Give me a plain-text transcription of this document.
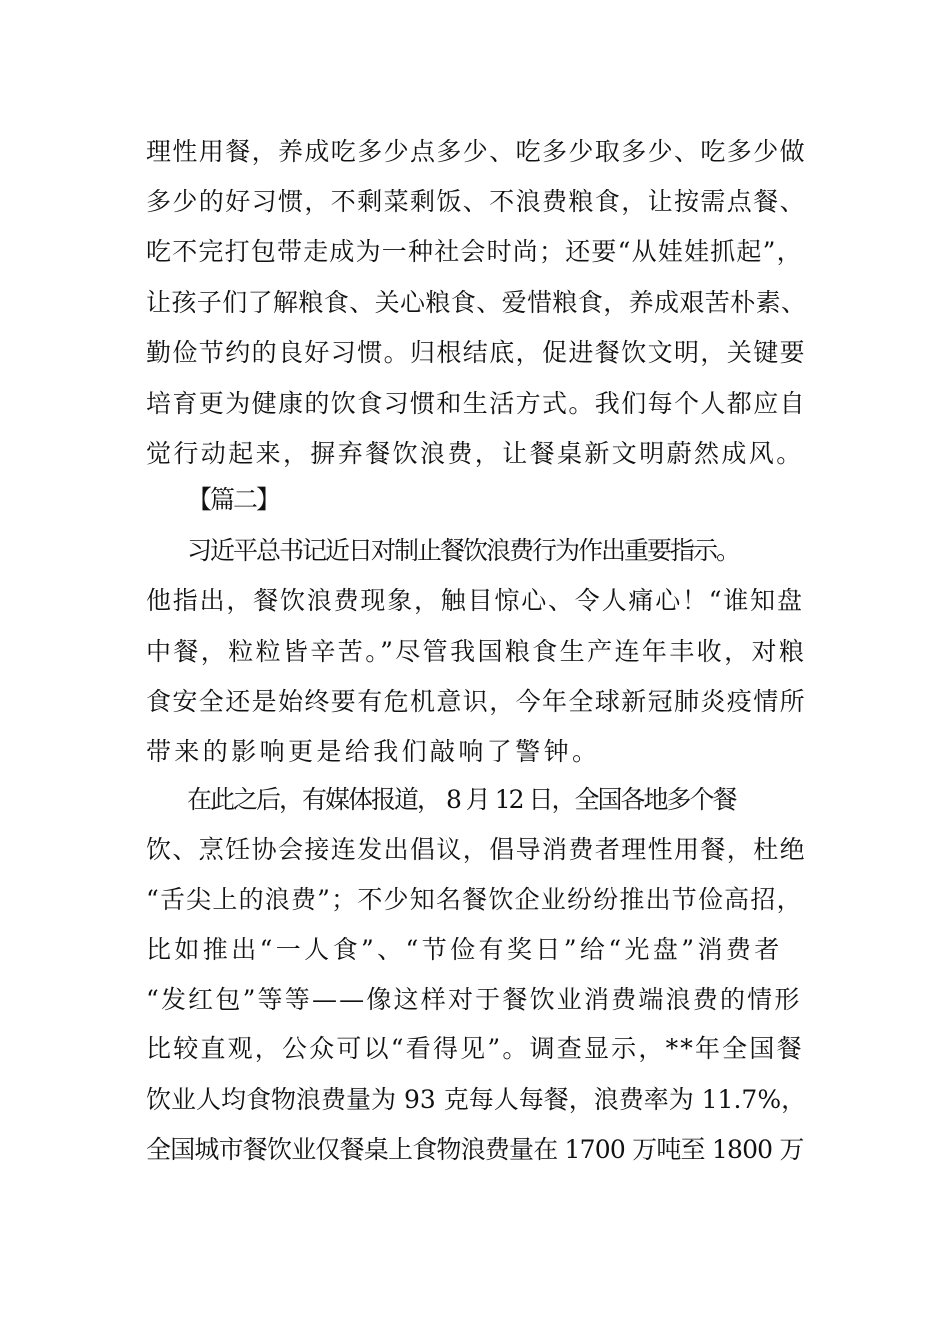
理性用餐，养成吃多少点多少、吃多少取多少、吃多少做
多少的好习惯，不剩菜剩饭、不浪费粮食，让按需点餐、
吃不完打包带走成为一种社会时尚；还要“从娃娃抓起”，
让孩子们了解粮食、关心粮食、爱惜粮食，养成艰苦朴素、
勤俭节约的良好习惯。归根结底，促进餐饮文明，关键要
培育更为健康的饮食习惯和生活方式。我们每个人都应自
觉行动起来，摒弃餐饮浪费，让餐桌新文明蔚然成风。
【篇二】
习近平总书记近日对制止餐饮浪费行为作出重要指示。
他指出，餐饮浪费现象，触目惊心、令人痛心！“谁知盘
中餐，粒粒皆辛苦。”尽管我国粮食生产连年丰收，对粮
食安全还是始终要有危机意识，今年全球新冠肺炎疫情所
带来的影响更是给我们敲响了警钟。
在此之后，有媒体报道， 8 月 12 日，全国各地多个餐
饮、烹饪协会接连发出倡议，倡导消费者理性用餐，杜绝
“舌尖上的浪费”；不少知名餐饮企业纷纷推出节俭高招，
比如推出“一人食”、“节俭有奖日”给“光盘”消费者
“发红包”等等——像这样对于餐饮业消费端浪费的情形
比较直观，公众可以“看得见”。调查显示，**年全国餐
饮业人均食物浪费量为 93 克每人每餐，浪费率为 11.7%，
全国城市餐饮业仅餐桌上食物浪费量在 1700 万吨至 1800 万
